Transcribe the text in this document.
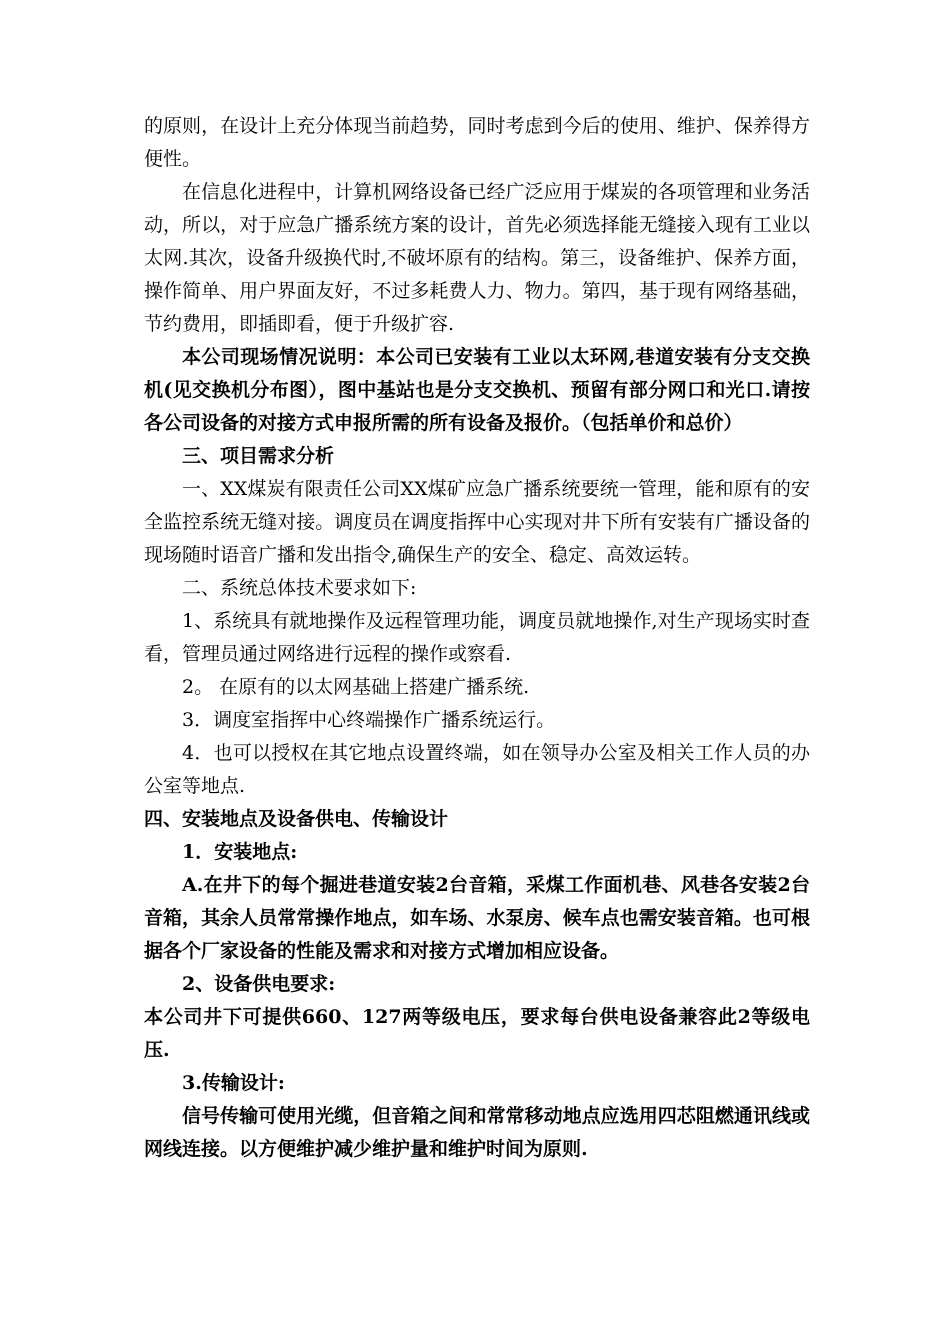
的原则，在设计上充分体现当前趋势，同时考虑到今后的使用、维护、保养得方便性。

在信息化进程中，计算机网络设备已经广泛应用于煤炭的各项管理和业务活动，所以，对于应急广播系统方案的设计，首先必须选择能无缝接入现有工业以太网.其次，设备升级换代时,不破坏原有的结构。第三，设备维护、保养方面，操作简单、用户界面友好，不过多耗费人力、物力。第四，基于现有网络基础，节约费用，即插即看，便于升级扩容.

本公司现场情况说明：本公司已安装有工业以太环网,巷道安装有分支交换机(见交换机分布图），图中基站也是分支交换机、预留有部分网口和光口.请按各公司设备的对接方式申报所需的所有设备及报价。（包括单价和总价）

三、项目需求分析

一、XX煤炭有限责任公司XX煤矿应急广播系统要统一管理，能和原有的安全监控系统无缝对接。调度员在调度指挥中心实现对井下所有安装有广播设备的现场随时语音广播和发出指令,确保生产的安全、稳定、高效运转。

二、系统总体技术要求如下:

1、系统具有就地操作及远程管理功能，调度员就地操作,对生产现场实时查看，管理员通过网络进行远程的操作或察看.

2。 在原有的以太网基础上搭建广播系统.

3．调度室指挥中心终端操作广播系统运行。

4．也可以授权在其它地点设置终端，如在领导办公室及相关工作人员的办公室等地点.

四、安装地点及设备供电、传输设计

1．安装地点:

A.在井下的每个掘进巷道安装2台音箱，采煤工作面机巷、风巷各安装2台音箱，其余人员常常操作地点，如车场、水泵房、候车点也需安装音箱。也可根据各个厂家设备的性能及需求和对接方式增加相应设备。

2、设备供电要求:

本公司井下可提供660、127两等级电压，要求每台供电设备兼容此2等级电压.

3.传输设计:

信号传输可使用光缆，但音箱之间和常常移动地点应选用四芯阻燃通讯线或网线连接。以方便维护减少维护量和维护时间为原则.
